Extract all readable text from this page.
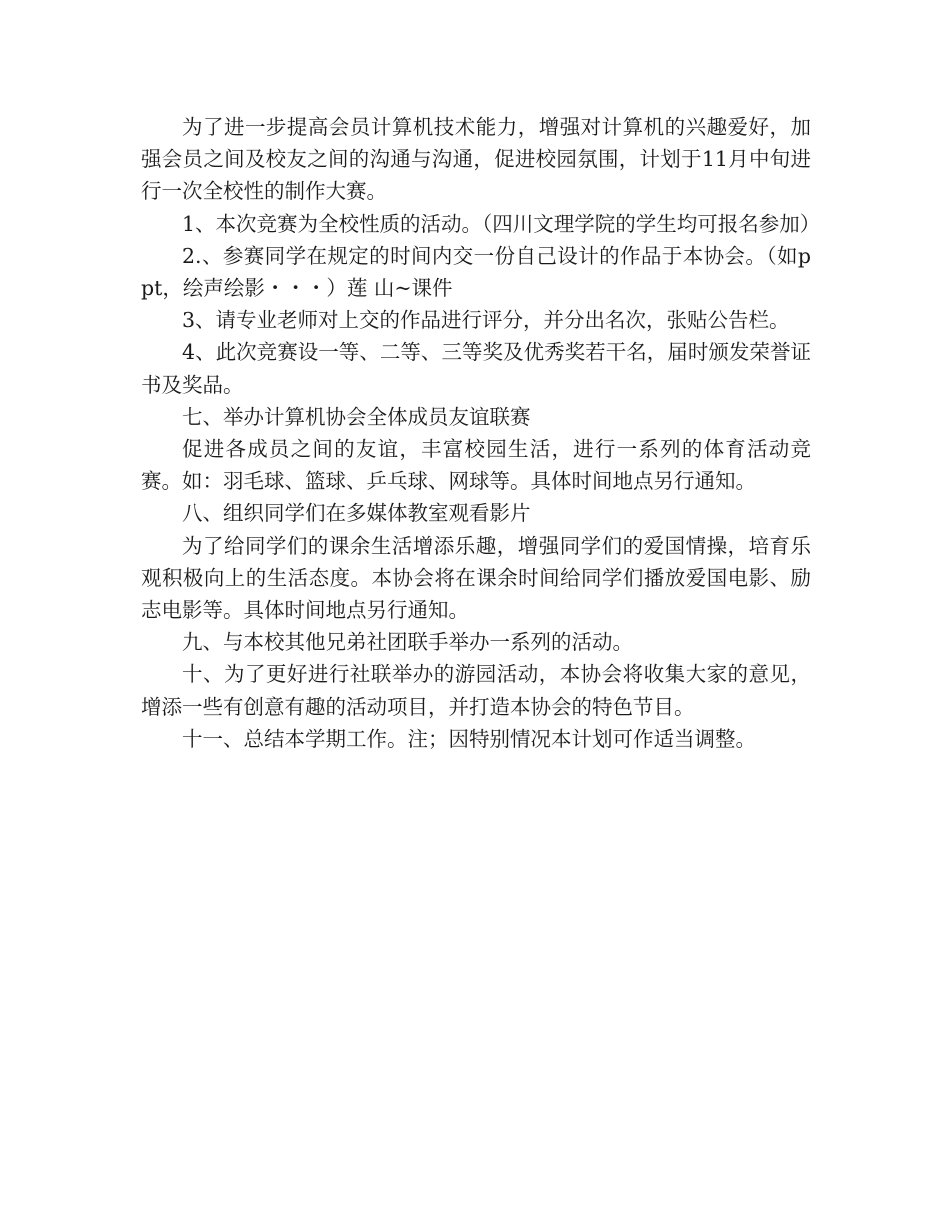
为了进一步提高会员计算机技术能力，增强对计算机的兴趣爱好，加强会员之间及校友之间的沟通与沟通，促进校园氛围，计划于11月中旬进行一次全校性的制作大赛。

1、本次竞赛为全校性质的活动。（四川文理学院的学生均可报名参加）

2.、参赛同学在规定的时间内交一份自己设计的作品于本协会。（如ppt，绘声绘影・・・）莲 山~课件

3、请专业老师对上交的作品进行评分，并分出名次，张贴公告栏。

4、此次竞赛设一等、二等、三等奖及优秀奖若干名，届时颁发荣誉证书及奖品。

七、举办计算机协会全体成员友谊联赛

促进各成员之间的友谊，丰富校园生活，进行一系列的体育活动竞赛。如：羽毛球、篮球、乒乓球、网球等。具体时间地点另行通知。

八、组织同学们在多媒体教室观看影片

为了给同学们的课余生活增添乐趣，增强同学们的爱国情操，培育乐观积极向上的生活态度。本协会将在课余时间给同学们播放爱国电影、励志电影等。具体时间地点另行通知。

九、与本校其他兄弟社团联手举办一系列的活动。

十、为了更好进行社联举办的游园活动，本协会将收集大家的意见，增添一些有创意有趣的活动项目，并打造本协会的特色节目。

十一、总结本学期工作。注；因特别情况本计划可作适当调整。
